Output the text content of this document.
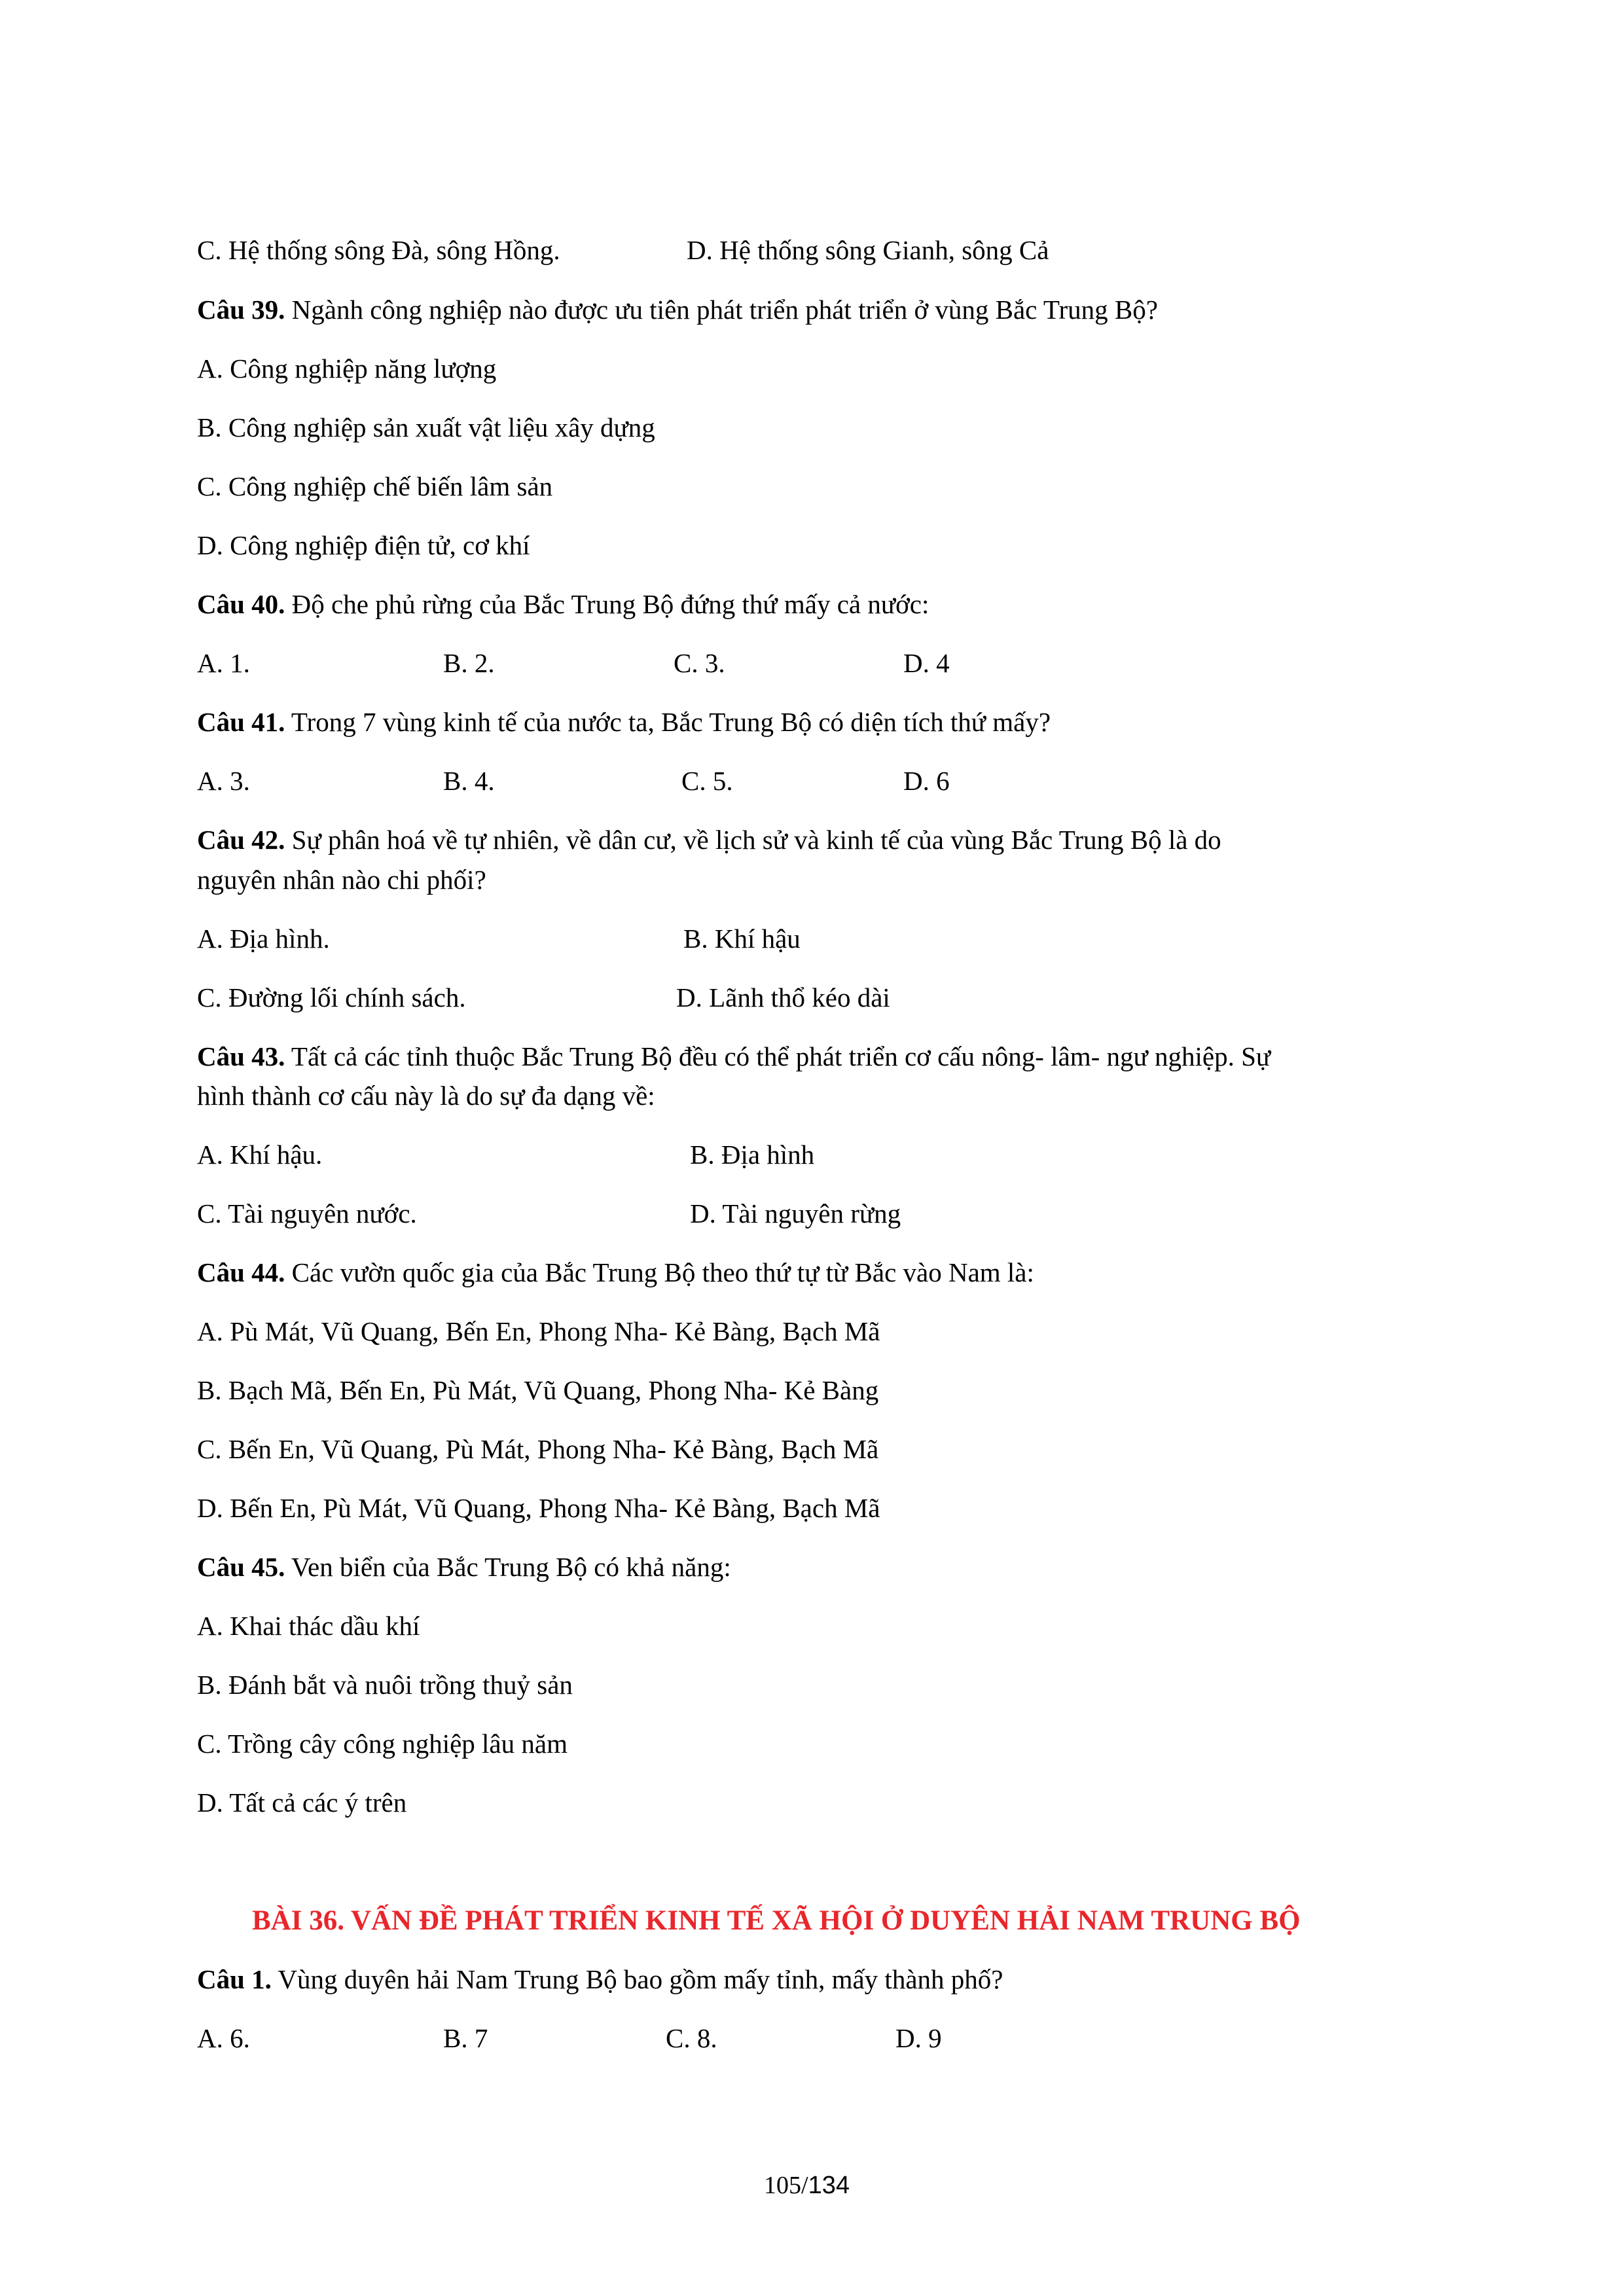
C. Hệ thống sông Đà, sông Hồng.	D. Hệ thống sông Gianh, sông Cả
Câu 39. Ngành công nghiệp nào được ưu tiên phát triển phát triển ở vùng Bắc Trung Bộ?
A. Công nghiệp năng lượng
B. Công nghiệp sản xuất vật liệu xây dựng
C. Công nghiệp chế biến lâm sản
D. Công nghiệp điện tử, cơ khí
Câu 40. Độ che phủ rừng của Bắc Trung Bộ đứng thứ mấy cả nước:
A. 1.	B. 2.	C. 3.	D. 4
Câu 41. Trong 7 vùng kinh tế của nước ta, Bắc Trung Bộ có diện tích thứ mấy?
A. 3.	B. 4.	C. 5.	D. 6
Câu 42. Sự phân hoá về tự nhiên, về dân cư, về lịch sử và kinh tế của vùng Bắc Trung Bộ là do
nguyên nhân nào chi phối?
A. Địa hình.	B. Khí hậu
C. Đường lối chính sách.	D. Lãnh thổ kéo dài
Câu 43. Tất cả các tỉnh thuộc Bắc Trung Bộ đều có thể phát triển cơ cấu nông- lâm- ngư nghiệp. Sự
hình thành cơ cấu này là do sự đa dạng về:
A. Khí hậu.	B. Địa hình
C. Tài nguyên nước.	D. Tài nguyên rừng
Câu 44. Các vườn quốc gia của Bắc Trung Bộ theo thứ tự từ Bắc vào Nam là:
A. Pù Mát, Vũ Quang, Bến En, Phong Nha- Kẻ Bàng, Bạch Mã
B. Bạch Mã, Bến En, Pù Mát, Vũ Quang, Phong Nha- Kẻ Bàng
C. Bến En, Vũ Quang, Pù Mát, Phong Nha- Kẻ Bàng, Bạch Mã
D. Bến En, Pù Mát, Vũ Quang, Phong Nha- Kẻ Bàng, Bạch Mã
Câu 45. Ven biển của Bắc Trung Bộ có khả năng:
A. Khai thác dầu khí
B. Đánh bắt và nuôi trồng thuỷ sản
C. Trồng cây công nghiệp lâu năm
D. Tất cả các ý trên
BÀI 36. VẤN ĐỀ PHÁT TRIỂN KINH TẾ XÃ HỘI Ở DUYÊN HẢI NAM TRUNG BỘ
Câu 1. Vùng duyên hải Nam Trung Bộ bao gồm mấy tỉnh, mấy thành phố?
A. 6.	B. 7	C. 8.	D. 9
105/134
